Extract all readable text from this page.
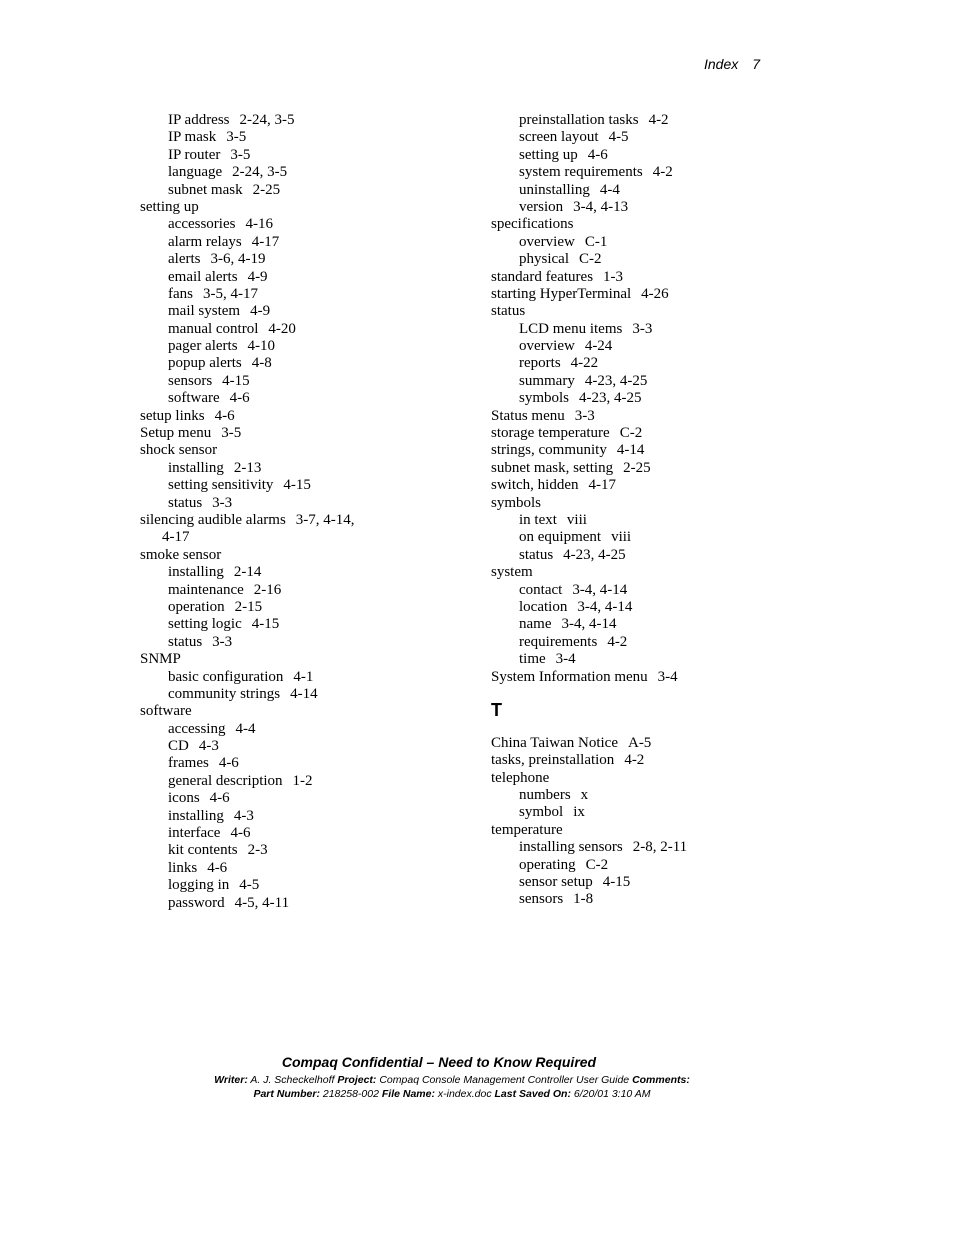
Index 7
IP address 2-24, 3-5
IP mask 3-5
IP router 3-5
language 2-24, 3-5
subnet mask 2-25
setting up
accessories 4-16
alarm relays 4-17
alerts 3-6, 4-19
email alerts 4-9
fans 3-5, 4-17
mail system 4-9
manual control 4-20
pager alerts 4-10
popup alerts 4-8
sensors 4-15
software 4-6
setup links 4-6
Setup menu 3-5
shock sensor
installing 2-13
setting sensitivity 4-15
status 3-3
silencing audible alarms 3-7, 4-14,
4-17
smoke sensor
installing 2-14
maintenance 2-16
operation 2-15
setting logic 4-15
status 3-3
SNMP
basic configuration 4-1
community strings 4-14
software
accessing 4-4
CD 4-3
frames 4-6
general description 1-2
icons 4-6
installing 4-3
interface 4-6
kit contents 2-3
links 4-6
logging in 4-5
password 4-5, 4-11
preinstallation tasks 4-2
screen layout 4-5
setting up 4-6
system requirements 4-2
uninstalling 4-4
version 3-4, 4-13
specifications
overview C-1
physical C-2
standard features 1-3
starting HyperTerminal 4-26
status
LCD menu items 3-3
overview 4-24
reports 4-22
summary 4-23, 4-25
symbols 4-23, 4-25
Status menu 3-3
storage temperature C-2
strings, community 4-14
subnet mask, setting 2-25
switch, hidden 4-17
symbols
in text viii
on equipment viii
status 4-23, 4-25
system
contact 3-4, 4-14
location 3-4, 4-14
name 3-4, 4-14
requirements 4-2
time 3-4
System Information menu 3-4
T
China Taiwan Notice A-5
tasks, preinstallation 4-2
telephone
numbers x
symbol ix
temperature
installing sensors 2-8, 2-11
operating C-2
sensor setup 4-15
sensors 1-8
Compaq Confidential – Need to Know Required
Writer: A. J. Scheckelhoff Project: Compaq Console Management Controller User Guide Comments:
Part Number: 218258-002 File Name: x-index.doc Last Saved On: 6/20/01 3:10 AM
